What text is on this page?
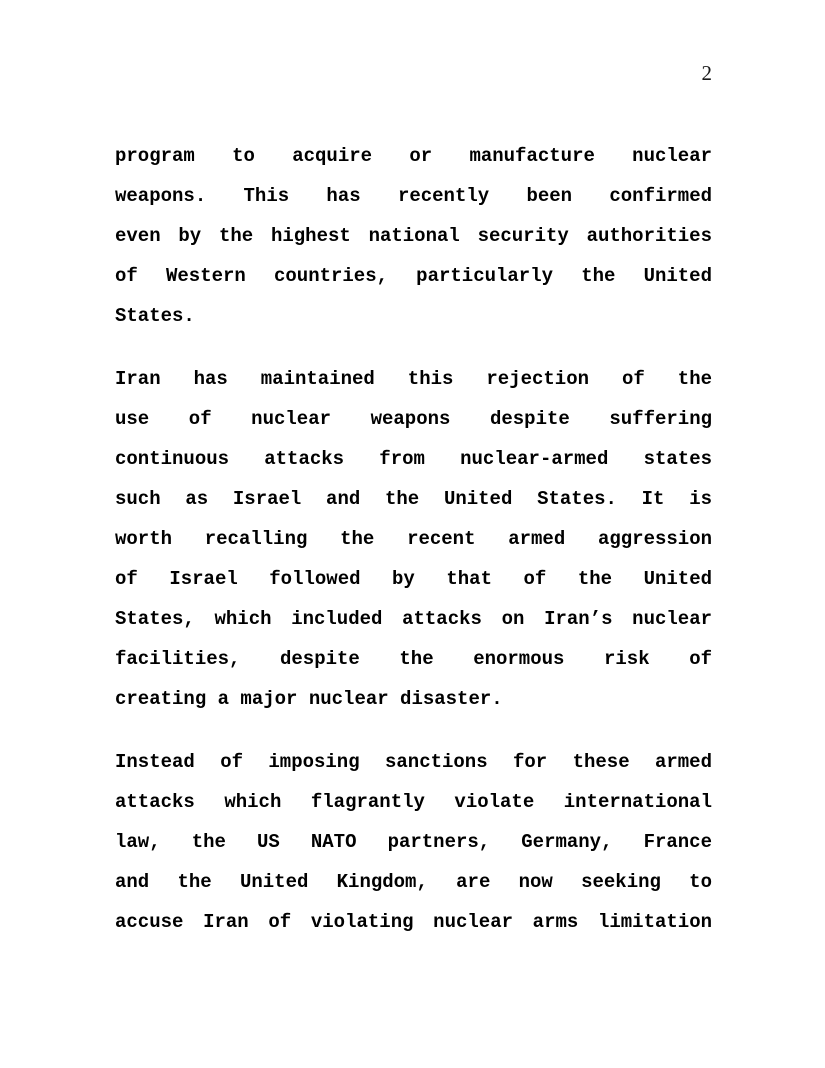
2
program to acquire or manufacture nuclear
weapons. This has recently been confirmed
even by the highest national security authorities
of Western countries, particularly the United
States.
Iran has maintained this rejection of the
use of nuclear weapons despite suffering
continuous attacks from nuclear-armed states
such as Israel and the United States. It is
worth recalling the recent armed aggression
of Israel followed by that of the United
States, which included attacks on Iran’s nuclear
facilities, despite the enormous risk of
creating a major nuclear disaster.
Instead of imposing sanctions for these armed
attacks which flagrantly violate international
law, the US NATO partners, Germany, France
and the United Kingdom, are now seeking to
accuse Iran of violating nuclear arms limitation
